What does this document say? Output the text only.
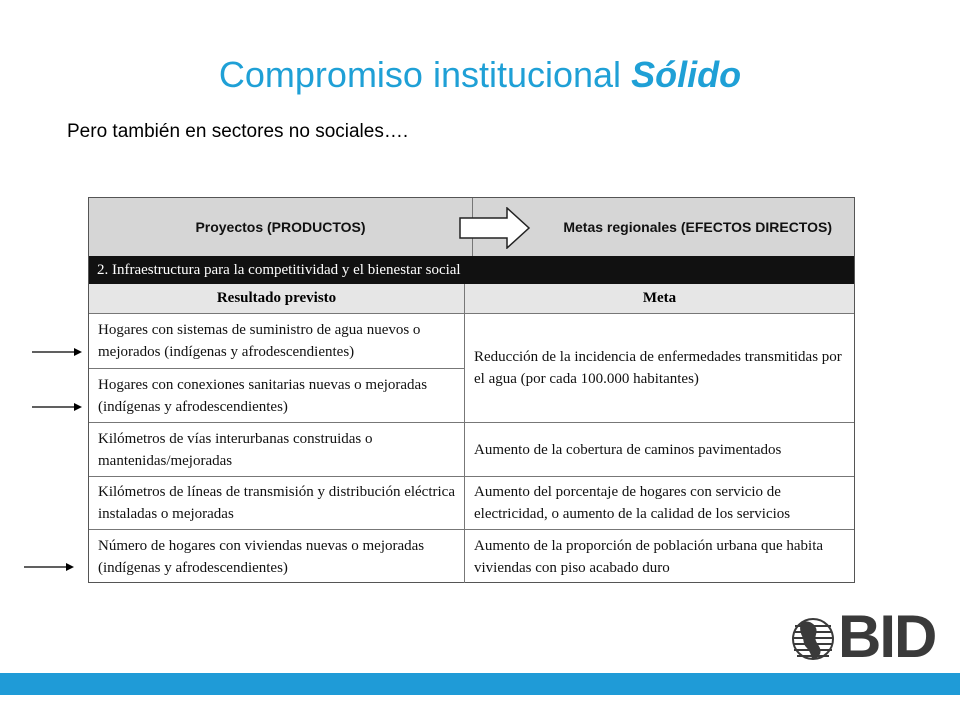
Compromiso institucional Sólido
Pero también en sectores no sociales….
Proyectos (PRODUCTOS)	Metas regionales (EFECTOS DIRECTOS)
2. Infraestructura para la competitividad y el bienestar social
Resultado previsto	Meta
Hogares con sistemas de suministro de agua nuevos o mejorados (indígenas y afrodescendientes)
Hogares con conexiones sanitarias nuevas o mejoradas (indígenas y afrodescendientes)
Kilómetros de vías interurbanas construidas o mantenidas/mejoradas
Kilómetros de líneas de transmisión y distribución eléctrica instaladas o mejoradas
Número de hogares con viviendas nuevas o mejoradas (indígenas y afrodescendientes)
Reducción de la incidencia de enfermedades transmitidas por el agua (por cada 100.000 habitantes)
Aumento de la cobertura de caminos pavimentados
Aumento del porcentaje de hogares con servicio de electricidad, o aumento de la calidad de los servicios
Aumento de la proporción de población urbana que habita viviendas con piso acabado duro
BID
